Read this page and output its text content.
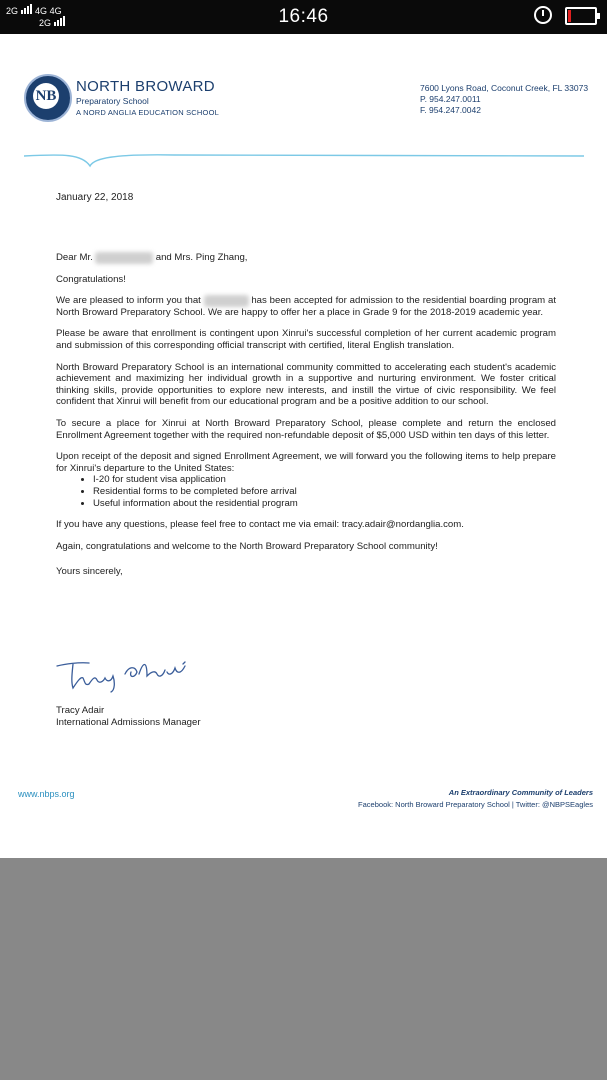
2G 4G 4G
2G	16:46
NB
NORTH BROWARD
Preparatory School
A NORD ANGLIA EDUCATION SCHOOL
7600 Lyons Road, Coconut Creek, FL 33073
P. 954.247.0011
F. 954.247.0042
January 22, 2018

Dear Mr.	and Mrs. Ping Zhang,

Congratulations!

We are pleased to inform you that	has been accepted for admission to the residential boarding program at North Broward Preparatory School. We are happy to offer her a place in Grade 9 for the 2018-2019 academic year.

Please be aware that enrollment is contingent upon Xinrui's successful completion of her current academic program and submission of this corresponding official transcript with certified, literal English translation.

North Broward Preparatory School is an international community committed to accelerating each student's academic achievement and maximizing her individual growth in a supportive and nurturing environment. We foster critical thinking skills, provide opportunities to explore new interests, and instill the virtue of civic responsibility. We feel confident that Xinrui will benefit from our educational program and be a positive addition to our school.

To secure a place for Xinrui at North Broward Preparatory School, please complete and return the enclosed Enrollment Agreement together with the required non-refundable deposit of $5,000 USD within ten days of this letter.

Upon receipt of the deposit and signed Enrollment Agreement, we will forward you the following items to help prepare for Xinrui's departure to the United States:

• I-20 for student visa application
• Residential forms to be completed before arrival
• Useful information about the residential program

If you have any questions, please feel free to contact me via email: tracy.adair@nordanglia.com.

Again, congratulations and welcome to the North Broward Preparatory School community!

Yours sincerely,

Tracy Adair
International Admissions Manager
www.nbps.org	An Extraordinary Community of Leaders
Facebook: North Broward Preparatory School | Twitter: @NBPSEagles
